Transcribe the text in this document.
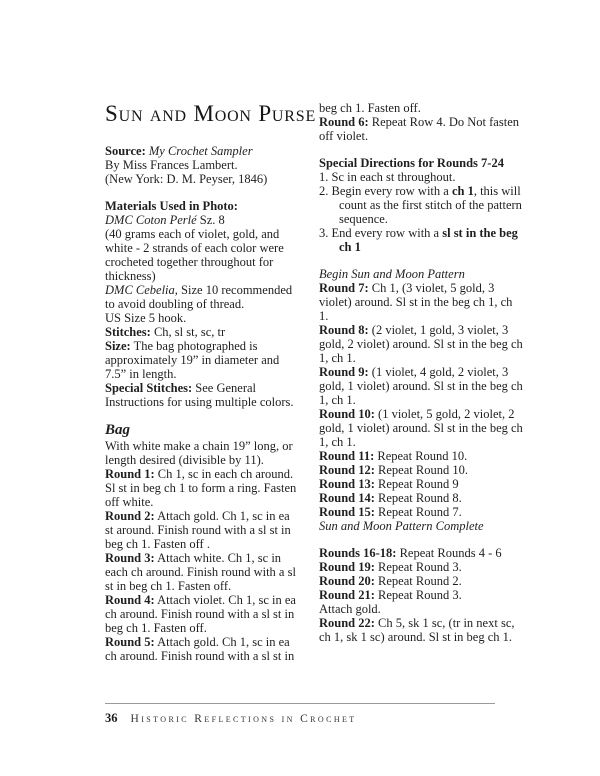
Sun and Moon Purse

Source: My Crochet Sampler

By Miss Frances Lambert.

(New York: D. M. Peyser, 1846)

Materials Used in Photo:

DMC Coton Perlé Sz. 8

(40 grams each of violet, gold, and white - 2 strands of each color were crocheted together throughout for thickness)

DMC Cebelia, Size 10 recommended to avoid doubling of thread.

US Size 5 hook.

Stitches: Ch, sl st, sc, tr

Size: The bag photographed is approximately 19” in diameter and 7.5” in length.

Special Stitches: See General Instructions for using multiple colors.

Bag

With white make a chain 19” long, or length desired (divisible by 11).

Round 1: Ch 1, sc in each ch around. Sl st in beg ch 1 to form a ring. Fasten off white.

Round 2: Attach gold. Ch 1, sc in ea st around. Finish round with a sl st in beg ch 1. Fasten off .

Round 3: Attach white. Ch 1, sc in each ch around. Finish round with a sl st in beg ch 1. Fasten off.

Round 4: Attach violet. Ch 1, sc in ea ch around. Finish round with a sl st in beg ch 1. Fasten off.

Round 5: Attach gold. Ch 1, sc in ea ch around. Finish round with a sl st in

beg ch 1. Fasten off.

Round 6: Repeat Row 4. Do Not fasten off violet.

Special Directions for Rounds 7-24

1. Sc in each st throughout.

2. Begin every row with a ch 1, this will count as the first stitch of the pattern sequence.

3. End every row with a sl st in the beg ch 1

Begin Sun and Moon Pattern

Round 7: Ch 1, (3 violet, 5 gold, 3 violet) around. Sl st in the beg ch 1, ch 1.

Round 8: (2 violet, 1 gold, 3 violet, 3 gold, 2 violet) around. Sl st in the beg ch 1, ch 1.

Round 9: (1 violet, 4 gold, 2 violet, 3 gold, 1 violet) around. Sl st in the beg ch 1, ch 1.

Round 10: (1 violet, 5 gold, 2 violet, 2 gold, 1 violet) around. Sl st in the beg ch 1, ch 1.

Round 11: Repeat Round 10.

Round 12: Repeat Round 10.

Round 13: Repeat Round 9

Round 14: Repeat Round 8.

Round 15: Repeat Round 7.

Sun and Moon Pattern Complete

Rounds 16-18: Repeat Rounds 4 - 6

Round 19: Repeat Round 3.

Round 20: Repeat Round 2.

Round 21: Repeat Round 3.

Attach gold.

Round 22: Ch 5, sk 1 sc, (tr in next sc, ch 1, sk 1 sc) around. Sl st in beg ch 1.

36 Historic Reflections in Crochet
